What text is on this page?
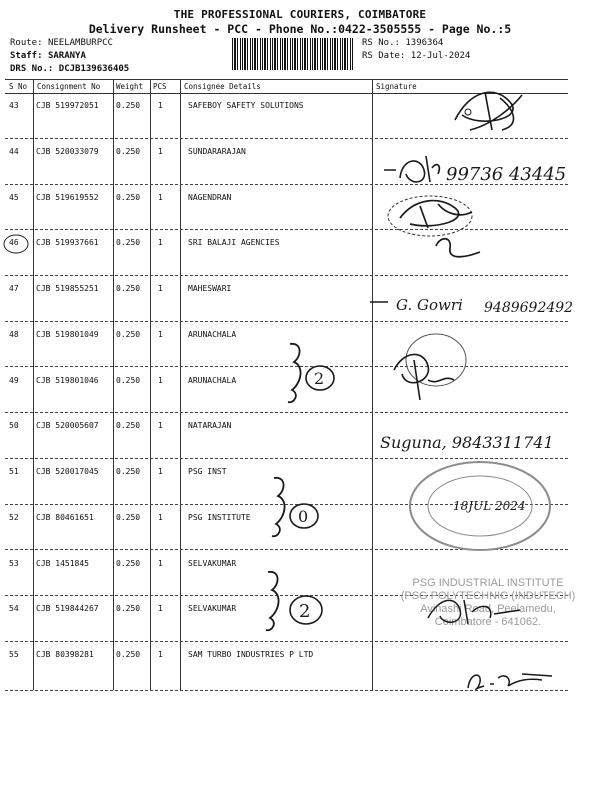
THE PROFESSIONAL COURIERS, COIMBATORE
Delivery Runsheet - PCC - Phone No.:0422-3505555 - Page No.:5
Route: NEELAMBURPCC
Staff: SARANYA
DRS No.: DCJB139636405
RS No.: 1396364
RS Date: 12-Jul-2024
S No Consignment No Weight PCS Consignee Details	Signature
43 CJB 519972051 0.250 1	SAFEBOY SAFETY SOLUTIONS
44 CJB 520033079 0.250 1	SUNDARARAJAN
45 CJB 519619552 0.250 1	NAGENDRAN
46 CJB 519937661 0.250 1	SRI BALAJI AGENCIES
47 CJB 519855251 0.250 1	MAHESWARI
48 CJB 519801049 0.250 1	ARUNACHALA
49 CJB 519801046 0.250 1	ARUNACHALA
50 CJB 520005607 0.250 1	NATARAJAN
51 CJB 520017045 0.250 1	PSG INST
52 CJB 80461651	0.250 1	PSG INSTITUTE
53 CJB 1451845	0.250 1	SELVAKUMAR
54 CJB 519844267 0.250 1	SELVAKUMAR
55 CJB 80398281	0.250 1	SAM TURBO INDUSTRIES P LTD
99736 43445
G. Gowri 9489692492
2
Suguna, 9843311741
0
18JUL 2024
2
PSG INDUSTRIAL INSTITUTE
(PSG POLYTECHNIC (INDUTECH)
Avinashi Road, Peelamedu,
Coimbatore - 641062.
